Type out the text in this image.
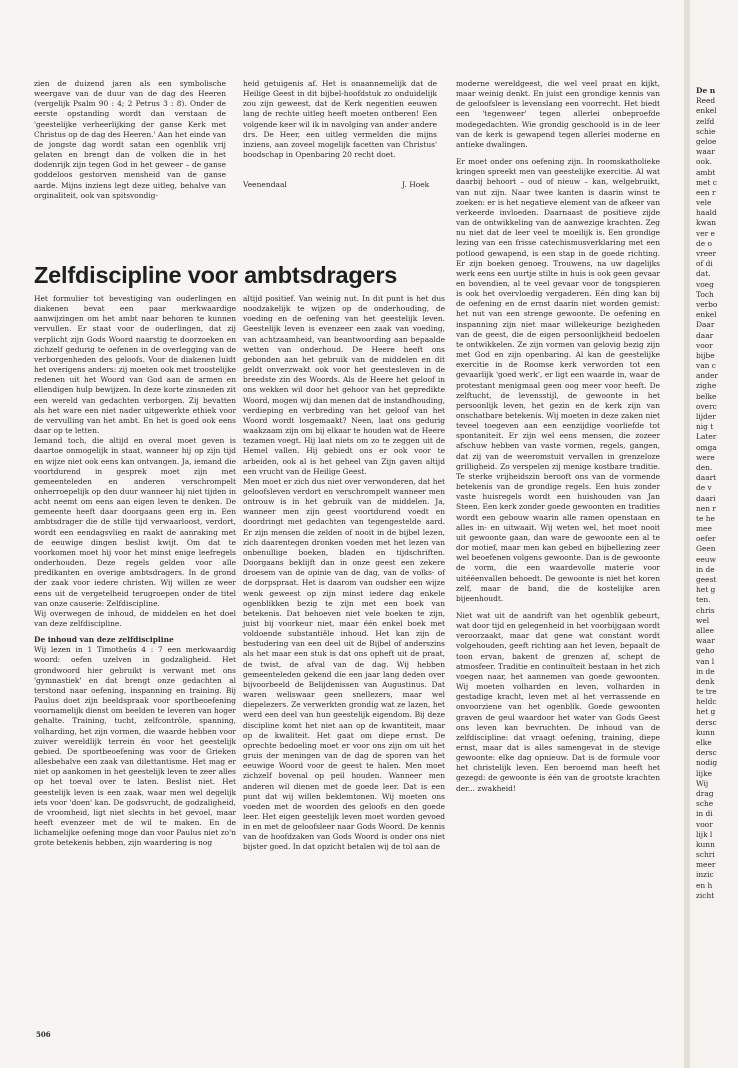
zien de duizend jaren als een symbolische weergave van de duur van de dag des Heeren (vergelijk Psalm 90 : 4; 2 Petrus 3 : 8). Onder de eerste opstanding wordt dan verstaan de 'geestelijke verheerlijking der ganse Kerk met Christus op de dag des Heeren.' Aan het einde van de jongste dag wordt satan een ogenblik vrij gelaten en brengt dan de volken die in het dodenrijk zijn tegen God in het geweer – de ganse goddeloos gestorven mensheid van de ganse aarde. Mijns inziens legt deze uitleg, behalve van orginaliteit, ook van spitsvondig-

heid getuigenis af. Het is onaannemelijk dat de Heilige Geest in dit bijbel-hoofdstuk zo onduidelijk zou zijn geweest, dat de Kerk negentien eeuwen lang de rechte uitleg heeft moeten ontberen! Een volgende keer wil ik in navolging van ander andere drs. De Heer, een uitleg vermelden die mijns inziens, aan zoveel mogelijk facetten van Christus' boodschap in Openbaring 20 recht doet.

Veenendaal	J. Hoek
Zelfdiscipline voor ambtsdragers

Het formulier tot bevestiging van ouderlingen en diakenen bevat een paar merkwaardige aanwijzingen om het ambt naar behoren te kunnen vervullen. Er staat voor de ouderlingen, dat zij verplicht zijn Gods Woord naarstig te doorzoeken en zichzelf gedurig te oefenen in de overlegging van de verborgenheden des geloofs. Voor de diakenen luidt het overigens anders: zij moeten ook met troostelijke redenen uit het Woord van God aan de armen en ellendigen hulp bewijzen. In deze korte zinsneden zit een wereld van gedachten verborgen. Zij bevatten als het ware een niet nader uitgewerkte ethiek voor de vervulling van het ambt. En het is goed ook eens daar op te letten.

Iemand toch, die altijd en overal moet geven is daartoe onmogelijk in staat, wanneer hij op zijn tijd en wijze niet ook eens kan ontvangen. Ja, iemand die voortdurend in gesprek moet zijn met gemeenteleden en anderen verschrompelt onherroepelijk op den duur wanneer hij niet tijden in acht neemt om eens aan eigen leven te denken. De gemeente heeft daar doorgaans geen erg in. Een ambtsdrager die de stille tijd verwaarloost, verdort, wordt een eendagsvlieg en raakt de aanraking met de eeuwige dingen beslist kwijt. Om dat te voorkomen moet hij voor het minst enige leefregels onderhouden. Deze regels gelden voor alle predikanten en overige ambtsdragers. In de grond der zaak voor iedere christen. Wij willen ze weer eens uit de vergetelheid terugroepen onder de titel van onze causerie: Zelfdiscipline.

Wij overwegen de inhoud, de middelen en het doel van deze zelfdiscipline.

De inhoud van deze zelfdiscipline

Wij lezen in 1 Timotheüs 4 : 7 een merkwaardig woord: oefen uzelven in godzaligheid. Het grondwoord hier gebruikt is verwant met ons 'gymnastiek' en dat brengt onze gedachten al terstond naar oefening, inspanning en training. Bij Paulus doet zijn beeldspraak voor sportbeoefening voornamelijk dienst om beelden te leveren van hoger gehalte. Training, tucht, zelfcontrôle, spanning, volharding, het zijn vormen, die waarde hebben voor zuiver wereldlijk terrein én voor het geestelijk gebied. De sportbeoefening was voor de Grieken allesbehalve een zaak van dilettantisme. Het mag er niet op aankomen in het geestelijk leven te zeer alles op het toeval over te laten. Beslist niet. Het geestelijk leven is een zaak, waar men wel degelijk iets voor 'doen' kan. De godsvrucht, de godzaligheid, de vroomheid, ligt niet slechts in het gevoel, maar heeft evenzeer met de wil te maken. En de lichamelijke oefening moge dan voor Paulus niet zo'n grote betekenis hebben, zijn waardering is nog

altijd positief. Van weinig nut. In dit punt is het dus noodzakelijk te wijzen op de onderhouding, de voeding en de oefening van het geestelijk leven. Geestelijk leven is evenzeer een zaak van voeding, van achtzaamheid, van beantwoording aan bepaalde wetten van onderhoud. De Heere heeft ons gebonden aan het gebruik van de middelen en dit geldt onverzwakt ook voor het geestesleven in de breedste zin des Woords. Als de Heere het geloof in ons wekken wil door het gehoor van het gepredikte Woord, mogen wij dan menen dat de instandhouding, verdieping en verbreding van het geloof van het Woord wordt losgemaakt? Neen, laat ons gedurig waakzaam zijn om bij elkaar te houden wat de Heere tezamen voegt. Hij laat niets om zo te zeggen uit de Hemel vallen. Hij gebiedt ons er ook voor te arbeiden, ook al is het geheel van Zijn gaven altijd een vrucht van de Heilige Geest.

Men moet er zich dus niet over verwonderen, dat het geloofsleven verdort en verschrompelt wanneer men ontrouw is in het gebruik van de middelen. Ja, wanneer men zijn geest voortdurend voedt en doordringt met gedachten van tegengestelde aard. Er zijn mensen die zelden of nooit in de bijbel lezen, zich daarentegen dronken voeden met het lezen van onbenullige boeken, bladen en tijdschriften. Doorgaans beklijft dan in onze geest een zekere droesem van de opinie van de dag, van de volks- of de dorpspraat. Het is daarom van oudsher een wijze wenk geweest op zijn minst iedere dag enkele ogenblikken bezig te zijn met een boek van betekenis. Dat behoeven niet vele boeken te zijn, juist bij voorkeur niet, maar één enkel boek met voldoende substantiële inhoud. Het kan zijn de bestudering van een deel uit de Bijbel of anderszins als het maar een stuk is dat ons opheft uit de praat, de twist, de afval van de dag. Wij hebben gemeenteleden gekend die een jaar lang deden over bijvoorbeeld de Belijdenissen van Augustinus. Dat waren weliswaar geen snellezers, maar wel diepelezers. Ze verwerkten grondig wat ze lazen, het werd een deel van hun geestelijk eigendom. Bij deze discipline komt het niet aan op de kwantiteit, maar op de kwaliteit. Het gaat om diepe ernst. De oprechte bedoeling moet er voor ons zijn om uit het gruis der meningen van de dag de sporen van het eeuwige Woord voor de geest te halen. Men moet zichzelf bovenal op peil houden. Wanneer men anderen wil dienen met de goede leer. Dat is een punt dat wij willen beklemtonen. Wij moeten ons voeden met de woorden des geloofs en den goede leer. Het eigen geestelijk leven moet worden gevoed in en met de geloofsleer naar Gods Woord. De kennis van de hoofdzaken van Gods Woord is onder ons niet bijster goed. In dat opzicht betalen wij de tol aan de

moderne wereldgeest, die wel veel praat en kijkt, maar weinig denkt. En juist een grondige kennis van de geloofsleer is levenslang een voorrecht. Het biedt een 'tegenweer' tegen allerlei onbeproefde modegedachten. Wie grondig geschoold is in de leer van de kerk is gewapend tegen allerlei moderne en antieke dwalingen.

Er moet onder ons oefening zijn. In roomskatholieke kringen spreekt men van geestelijke exercitie. Al wat daarbij behoort – oud of nieuw – kan, welgebruikt, van nut zijn. Naar twee kanten is daarin winst te zoeken: er is het negatieve element van de afkeer van verkeerde invloeden. Daarnaast de positieve zijde van de ontwikkeling van de aanwezige krachten. Zeg nu niet dat de leer veel te moeilijk is. Een grondige lezing van een frisse catechismusverklaring met een potlood gewapend, is een stap in de goede richting. Er zijn boeken genoeg. Trouwens, na uw dagelijks werk eens een uurtje stilte in huis is ook geen gevaar en bovendien, al te veel gevaar voor de tongspieren is ook het overvloedig vergaderen. Eén ding kan bij de oefening en de ernst daarin niet worden gemist: het nut van een strenge gewoonte. De oefening en inspanning zijn niet maar willekeurige bezigheden van de geest, die de eigen persoonlijkheid bedoelen te ontwikkelen. Ze zijn vormen van gelovig bezig zijn met God en zijn openbaring. Al kan de geestelijke exercitie in de Roomse kerk verworden tot een gevaarlijk 'goed werk', er ligt een waarde in, waar de protestant menigmaal geen oog meer voor heeft. De zelftucht, de levensstijl, de gewoonte in het persoonlijk leven, het gezin en de kerk zijn van onschatbare betekenis. Wij moeten in deze zaken niet teveel toegeven aan een eenzijdige voorliefde tot spontaniteit. Er zijn wel eens mensen, die zozeer afschuw hebben van vaste vormen, regels, gangen, dat zij van de weeromstuit vervallen in grenzeloze grilligheid. Zo verspelen zij menige kostbare traditie. Te sterke vrijheidszin berooft ons van de vormende betekenis van de grondige regels. Een huis zonder vaste huisregels wordt een huishouden van Jan Steen. Een kerk zonder goede gewoonten en tradities wordt een gebouw waarin alle ramen openstaan en alles in- en uitwaait. Wij weten wel, het moet nooit uit gewoonte gaan, dan ware de gewoonte een al te dor motief, maar men kan gebed en bijbellezing zeer wel beoefenen volgens gewoonte. Dan is de gewoonte de vorm, die een waardevolle materie voor uitééenvallen behoedt. De gewoonte is niet het koren zelf, maar de band, die de kostelijke aren bijeenhoudt.

Niet wat uit de aandrift van het ogenblik gebeurt, wat door tijd en gelegenheid in het voorbijgaan wordt veroorzaakt, maar dat gene wat constant wordt volgehouden, geeft richting aan het leven, bepaalt de toon ervan, bakent de grenzen af, schept de atmosfeer. Traditie en continuïteit bestaan in het zich voegen naar, het aannemen van goede gewoonten. Wij moeten volharden en leven, volharden in gestadige kracht, leven met al het verrassende en onvoorziene van het ogenblik. Goede gewoonten graven de geul waardoor het water van Gods Geest ons leven kan bevruchten. De inhoud van de zelfdiscipline: dat vraagt oefening, training, diepe ernst, maar dat is alles samengevat in de stevige gewoonte: elke dag opnieuw. Dat is de formule voor het christelijk leven. Een beroemd man heeft het gezegd: de gewoonte is één van de grootste krachten der... zwakheid!

506
De n
Reed
enkel
zelfd
schie
geloe
waar
ook.
ambt
met c
een r
vele
haald
kwan
ver e
de o
vreer
of di
dat.
voeg
Toch
verbo
enkel
Daar
daar
voor
bijbe
van c
ander
zighe
belke
overc
lijder
nig t
Later
omga
were
den.
daart
de v
daari
nen r
te he
mee
oefer
Geen
eeuw
in de
geest
het g
ten.
chris
wel
allee
waar
geho
van l
in de
denk
te tre
heldc
het g
dersc
kunn
elke
dersc
nodig
lijke
Wij
drag
sche
in di
voor
lijk l
kunn
schri
meer
inzic
en h
zicht
